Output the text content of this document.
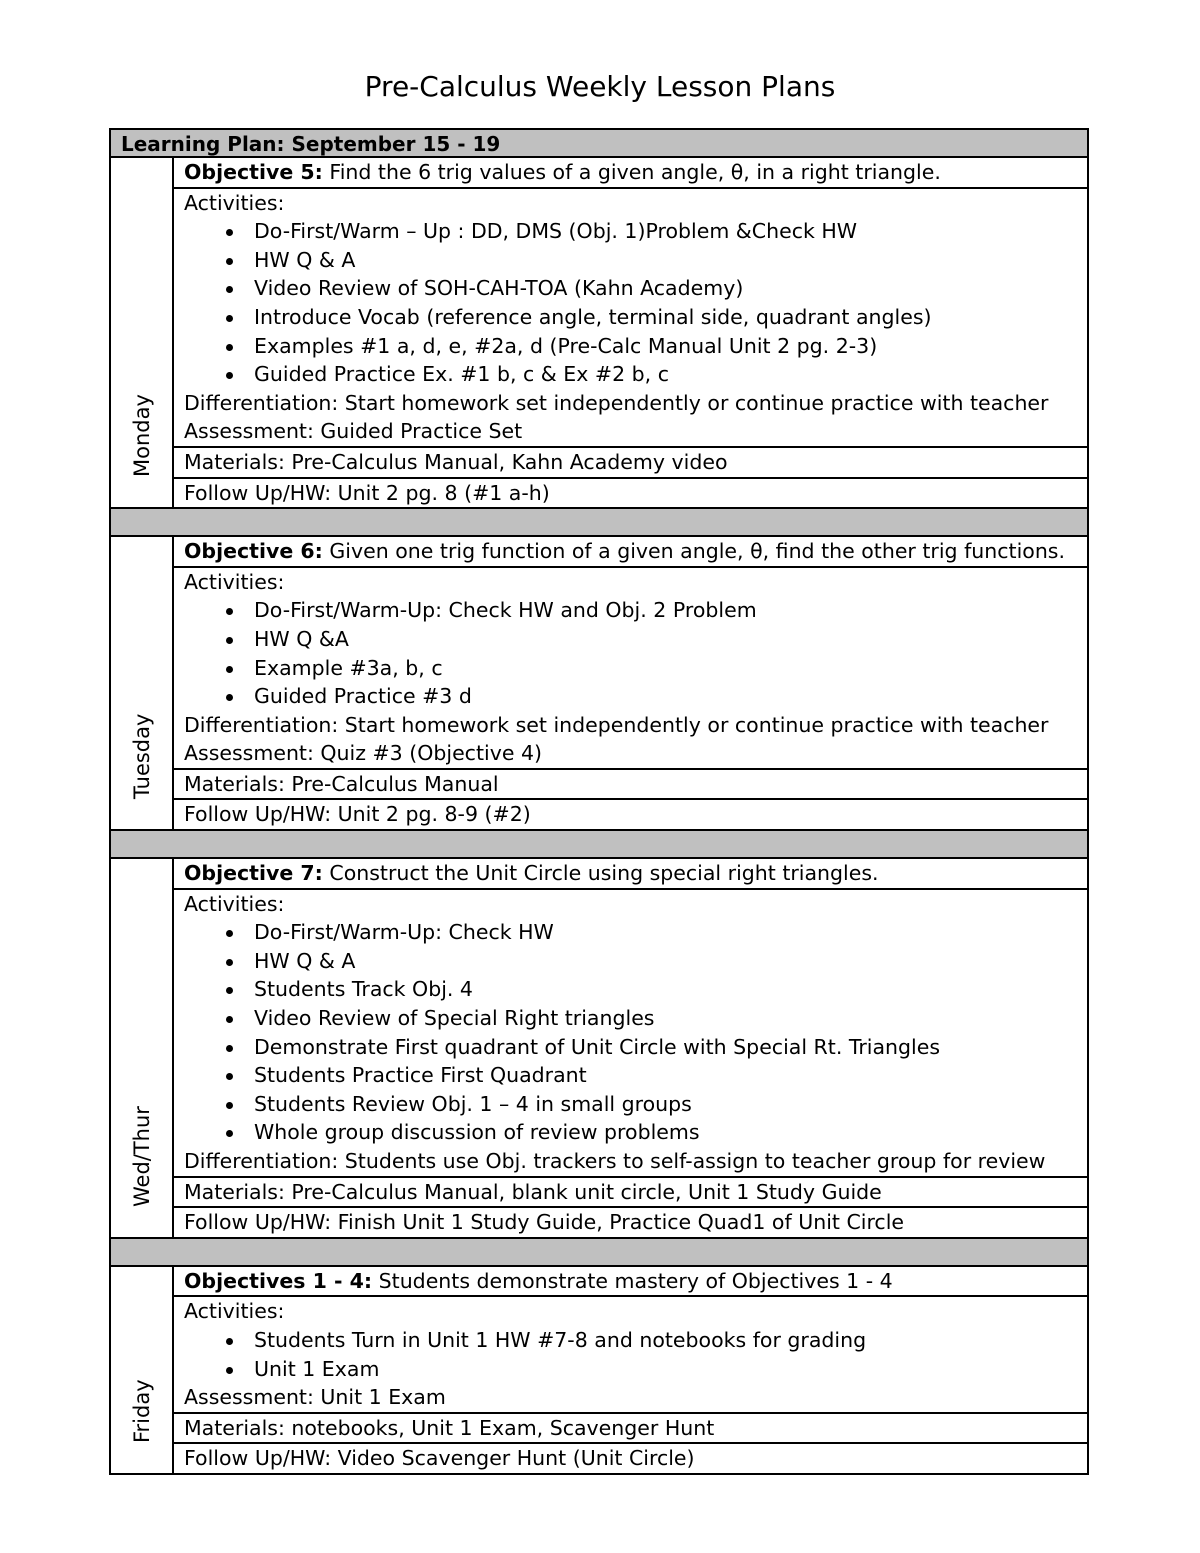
Pre-Calculus Weekly Lesson Plans
Learning Plan: September 15 - 19
Monday
Objective 5: Find the 6 trig values of a given angle, θ, in a right triangle.
Activities:
Do-First/Warm – Up : DD, DMS (Obj. 1)Problem &Check HW
HW Q & A
Video Review of SOH-CAH-TOA (Kahn Academy)
Introduce Vocab (reference angle, terminal side, quadrant angles)
Examples #1 a, d, e, #2a, d (Pre-Calc Manual Unit 2 pg. 2-3)
Guided Practice Ex. #1 b, c & Ex #2 b, c
Differentiation: Start homework set independently or continue practice with teacher
Assessment: Guided Practice Set
Materials: Pre-Calculus Manual, Kahn Academy video
Follow Up/HW: Unit 2 pg. 8 (#1 a-h)
Tuesday
Objective 6: Given one trig function of a given angle, θ, find the other trig functions.
Activities:
Do-First/Warm-Up: Check HW and Obj. 2 Problem
HW Q &A
Example #3a, b, c
Guided Practice #3 d
Differentiation: Start homework set independently or continue practice with teacher
Assessment: Quiz #3 (Objective 4)
Materials: Pre-Calculus Manual
Follow Up/HW: Unit 2 pg. 8-9 (#2)
Wed/Thur
Objective 7: Construct the Unit Circle using special right triangles.
Activities:
Do-First/Warm-Up: Check HW
HW Q & A
Students Track Obj. 4
Video Review of Special Right triangles
Demonstrate First quadrant of Unit Circle with Special Rt. Triangles
Students Practice First Quadrant
Students Review Obj. 1 – 4 in small groups
Whole group discussion of review problems
Differentiation: Students use Obj. trackers to self-assign to teacher group for review
Materials: Pre-Calculus Manual, blank unit circle, Unit 1 Study Guide
Follow Up/HW: Finish Unit 1 Study Guide, Practice Quad1 of Unit Circle
Friday
Objectives 1 - 4: Students demonstrate mastery of Objectives 1 - 4
Activities:
Students Turn in Unit 1 HW #7-8 and notebooks for grading
Unit 1 Exam
Assessment: Unit 1 Exam
Materials: notebooks, Unit 1 Exam, Scavenger Hunt
Follow Up/HW: Video Scavenger Hunt (Unit Circle)
